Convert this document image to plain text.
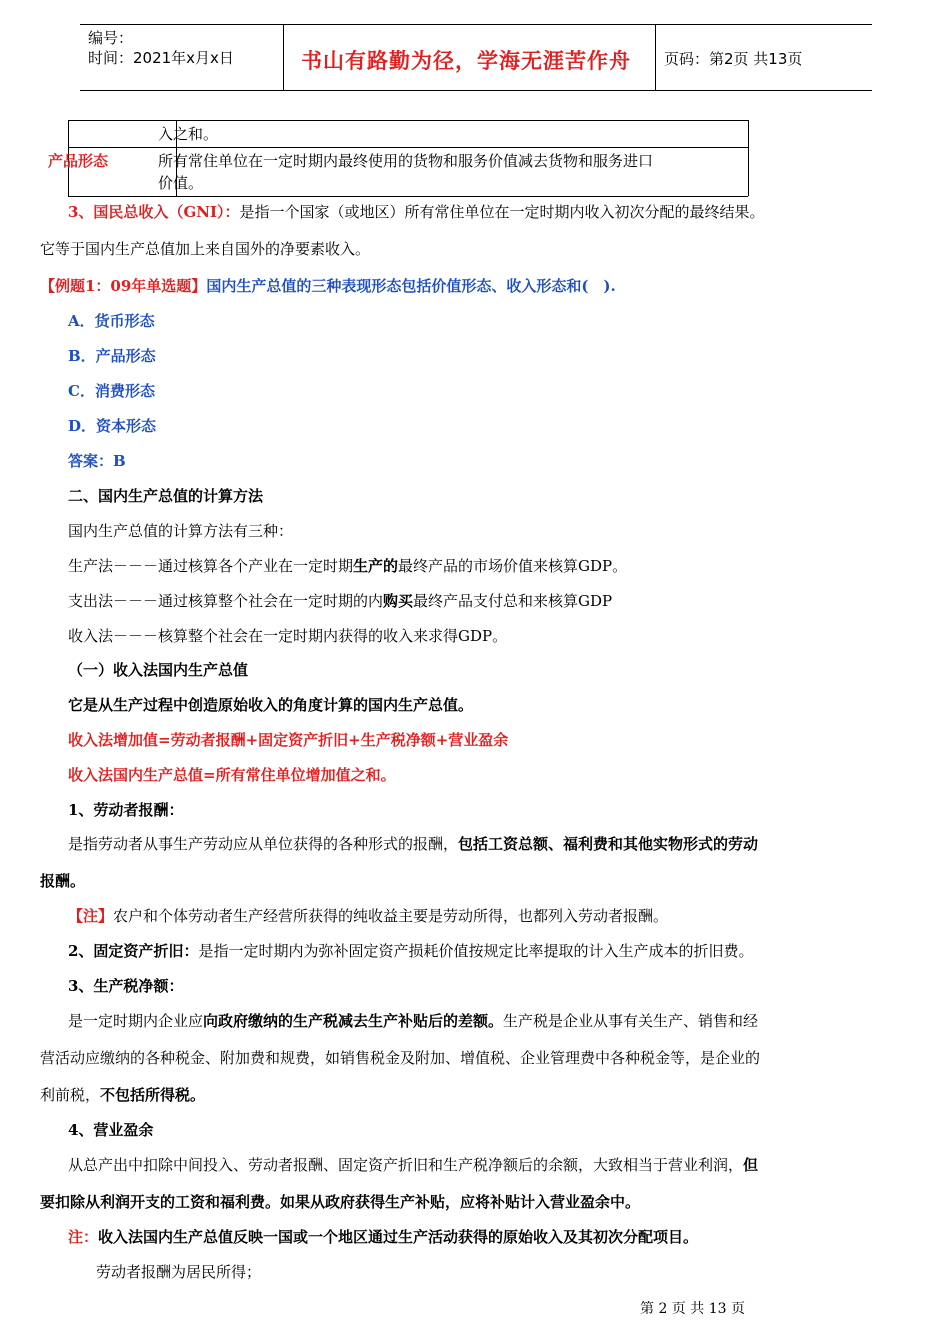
编号：
时间：2021年x月x日	书山有路勤为径，学海无涯苦作舟 页码：第2页 共13页
入之和。
产品形态	所有常住单位在一定时期内最终使用的货物和服务价值减去货物和服务进口
价值。
3、国民总收入（GNI）：是指一个国家（或地区）所有常住单位在一定时期内收入初次分配的最终结果。
它等于国内生产总值加上来自国外的净要素收入。
【例题1：09年单选题】国内生产总值的三种表现形态包括价值形态、收入形态和(　).
A．货币形态
B．产品形态
C．消费形态
D．资本形态
答案：B
二、国内生产总值的计算方法
国内生产总值的计算方法有三种：
生产法－－－通过核算各个产业在一定时期生产的最终产品的市场价值来核算GDP。
支出法－－－通过核算整个社会在一定时期的内购买最终产品支付总和来核算GDP
收入法－－－核算整个社会在一定时期内获得的收入来求得GDP。
（一）收入法国内生产总值
它是从生产过程中创造原始收入的角度计算的国内生产总值。
收入法增加值=劳动者报酬+固定资产折旧+生产税净额+营业盈余
收入法国内生产总值=所有常住单位增加值之和。
1、劳动者报酬：
是指劳动者从事生产劳动应从单位获得的各种形式的报酬，包括工资总额、福利费和其他实物形式的劳动
报酬。
【注】农户和个体劳动者生产经营所获得的纯收益主要是劳动所得，也都列入劳动者报酬。
2、固定资产折旧：是指一定时期内为弥补固定资产损耗价值按规定比率提取的计入生产成本的折旧费。
3、生产税净额：
是一定时期内企业应向政府缴纳的生产税减去生产补贴后的差额。生产税是企业从事有关生产、销售和经
营活动应缴纳的各种税金、附加费和规费，如销售税金及附加、增值税、企业管理费中各种税金等，是企业的
利前税，不包括所得税。
4、营业盈余
从总产出中扣除中间投入、劳动者报酬、固定资产折旧和生产税净额后的余额，大致相当于营业利润，但
要扣除从利润开支的工资和福利费。如果从政府获得生产补贴，应将补贴计入营业盈余中。
注：收入法国内生产总值反映一国或一个地区通过生产活动获得的原始收入及其初次分配项目。
劳动者报酬为居民所得；
第 2 页 共 13 页
